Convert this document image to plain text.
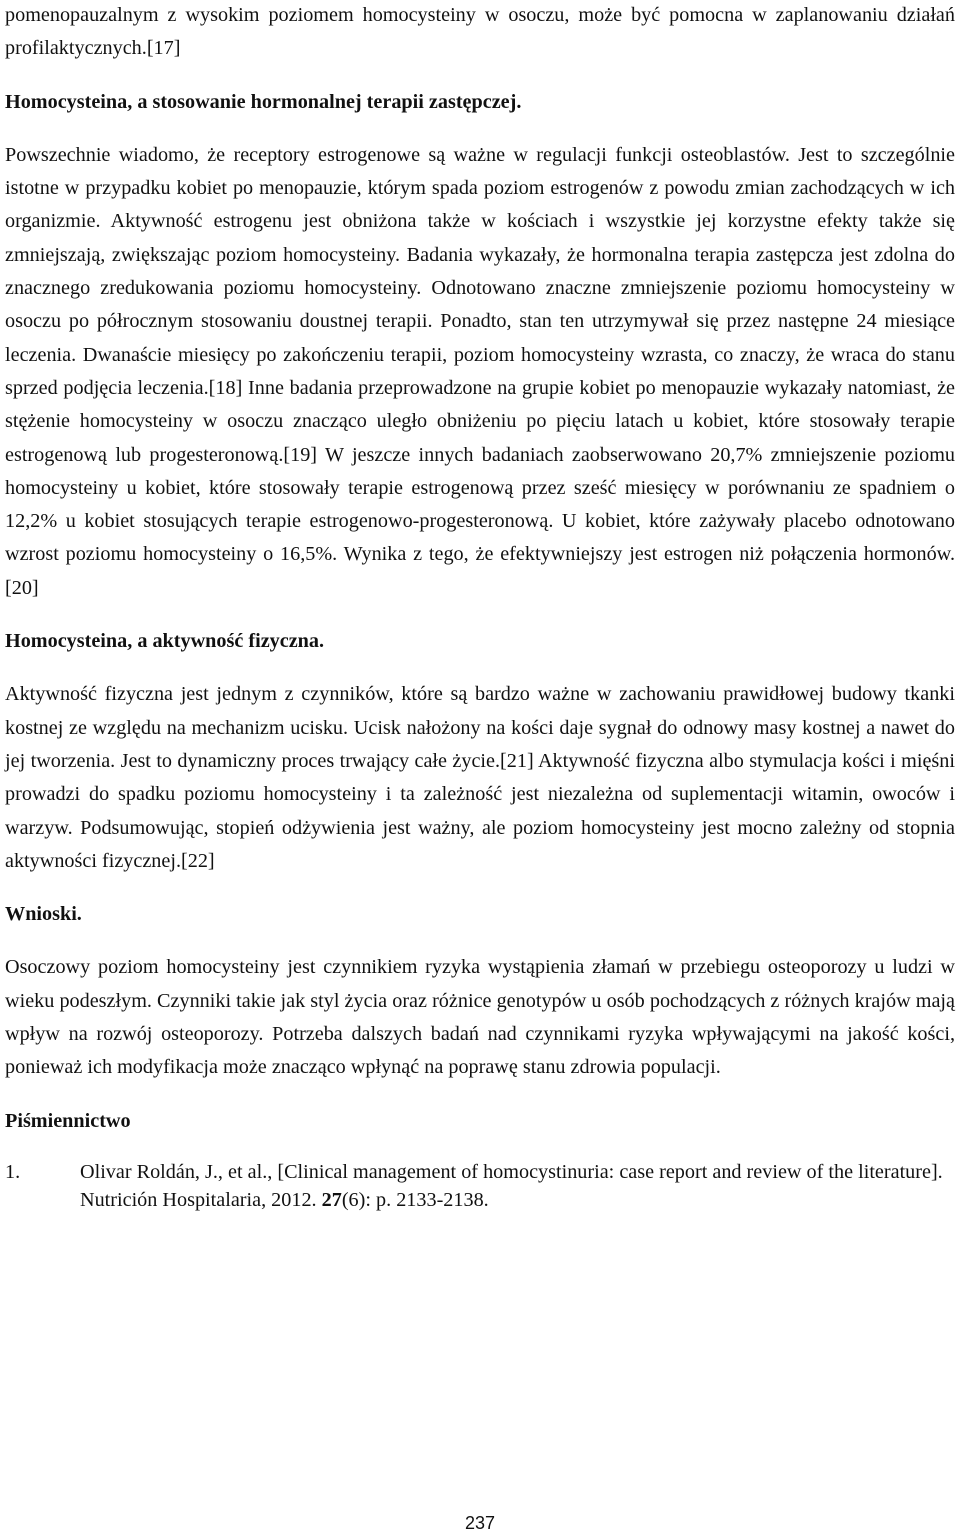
pomenopauzalnym z wysokim poziomem homocysteiny w osoczu, może być pomocna w zaplanowaniu działań profilaktycznych.[17]

Homocysteina, a stosowanie hormonalnej terapii zastępczej.

Powszechnie wiadomo, że receptory estrogenowe są ważne w regulacji funkcji osteoblastów. Jest to szczególnie istotne w przypadku kobiet po menopauzie, którym spada poziom estrogenów z powodu zmian zachodzących w ich organizmie. Aktywność estrogenu jest obniżona także w kościach i wszystkie jej korzystne efekty także się zmniejszają, zwiększając poziom homocysteiny. Badania wykazały, że hormonalna terapia zastępcza jest zdolna do znacznego zredukowania poziomu homocysteiny. Odnotowano znaczne zmniejszenie poziomu homocysteiny w osoczu po półrocznym stosowaniu doustnej terapii. Ponadto, stan ten utrzymywał się przez następne 24 miesiące leczenia. Dwanaście miesięcy po zakończeniu terapii, poziom homocysteiny wzrasta, co znaczy, że wraca do stanu sprzed podjęcia leczenia.[18] Inne badania przeprowadzone na grupie kobiet po menopauzie wykazały natomiast, że stężenie homocysteiny w osoczu znacząco uległo obniżeniu po pięciu latach u kobiet, które stosowały terapie estrogenową lub progesteronową.[19] W jeszcze innych badaniach zaobserwowano 20,7% zmniejszenie poziomu homocysteiny u kobiet, które stosowały terapie estrogenową przez sześć miesięcy w porównaniu ze spadniem o 12,2% u kobiet stosujących terapie estrogenowo-progesteronową. U kobiet, które zażywały placebo odnotowano wzrost poziomu homocysteiny o 16,5%. Wynika z tego, że efektywniejszy jest estrogen niż połączenia hormonów.[20]

Homocysteina, a aktywność fizyczna.

Aktywność fizyczna jest jednym z czynników, które są bardzo ważne w zachowaniu prawidłowej budowy tkanki kostnej ze względu na mechanizm ucisku. Ucisk nałożony na kości daje sygnał do odnowy masy kostnej a nawet do jej tworzenia. Jest to dynamiczny proces trwający całe życie.[21] Aktywność fizyczna albo stymulacja kości i mięśni prowadzi do spadku poziomu homocysteiny i ta zależność jest niezależna od suplementacji witamin, owoców i warzyw. Podsumowując, stopień odżywienia jest ważny, ale poziom homocysteiny jest mocno zależny od stopnia aktywności fizycznej.[22]

Wnioski.

Osoczowy poziom homocysteiny jest czynnikiem ryzyka wystąpienia złamań w przebiegu osteoporozy u ludzi w wieku podeszłym. Czynniki takie jak styl życia oraz różnice genotypów u osób pochodzących z różnych krajów mają wpływ na rozwój osteoporozy. Potrzeba dalszych badań nad czynnikami ryzyka wpływającymi na jakość kości, ponieważ ich modyfikacja może znacząco wpłynąć na poprawę stanu zdrowia populacji.

Piśmiennictwo
1.	Olivar Roldán, J., et al., [Clinical management of homocystinuria: case report and review of the literature]. Nutrición Hospitalaria, 2012. 27(6): p. 2133-2138.
237
